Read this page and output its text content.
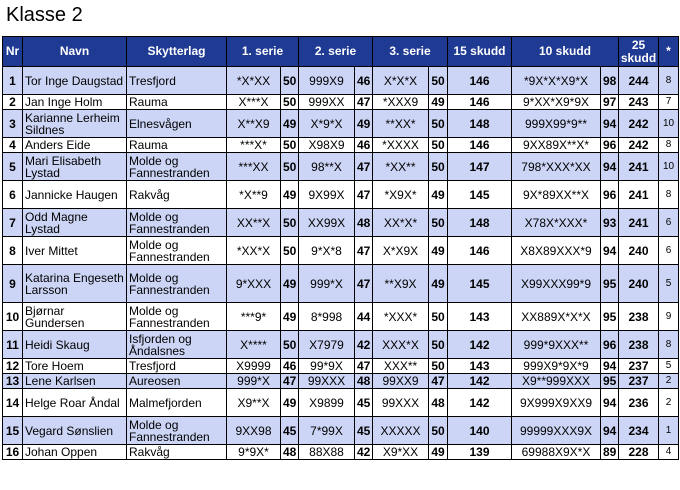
Klasse 2
Nr	Navn	Skytterlag	1. serie		2. serie		3. serie		15 skudd	10 skudd		25 skudd	*
1	Tor Inge Daugstad	Tresfjord	*X*XX	50	999X9	46	X*X*X	50	146	*9X*X*X9*X	98	244	8
2	Jan Inge Holm	Rauma	X***X	50	999XX	47	*XXX9	49	146	9*XX*X9*9X	97	243	7
3	Karianne Lerheim Sildnes	Elnesvågen	X**X9	49	X*9*X	49	**XX*	50	148	999X99*9**	94	242	10
4	Anders Eide	Rauma	***X*	50	X98X9	46	*XXXX	50	146	9XX89X**X*	96	242	8
5	Mari Elisabeth Lystad	Molde og Fannestranden	***XX	50	98**X	47	*XX**	50	147	798*XXX*XX	94	241	10
6	Jannicke Haugen	Rakvåg	*X**9	49	9X99X	47	*X9X*	49	145	9X*89XX**X	96	241	8
7	Odd Magne Lystad	Molde og Fannestranden	XX**X	50	XX99X	48	XX*X*	50	148	X78X*XXX*	93	241	6
8	Iver Mittet	Molde og Fannestranden	*XX*X	50	9*X*8	47	X*X9X	49	146	X8X89XXX*9	94	240	6
9	Katarina Engeseth Larsson	Molde og Fannestranden	9*XXX	49	999*X	47	**X9X	49	145	X99XXX99*9	95	240	5
10	Bjørnar Gundersen	Molde og Fannestranden	***9*	49	8*998	44	*XXX*	50	143	XX889X*X*X	95	238	9
11	Heidi Skaug	Isfjorden og Åndalsnes	X****	50	X7979	42	XXX*X	50	142	999*9XXX**	96	238	8
12	Tore Hoem	Tresfjord	X9999	46	99*9X	47	XXX**	50	143	999X9*9X*9	94	237	5
13	Lene Karlsen	Aureosen	999*X	47	99XXX	48	99XX9	47	142	X9**999XXX	95	237	2
14	Helge Roar Åndal	Malmefjorden	X9**X	49	X9899	45	99XXX	48	142	9X999X9XX9	94	236	2
15	Vegard Sønslien	Molde og Fannestranden	9XX98	45	7*99X	45	XXXXX	50	140	99999XXX9X	94	234	1
16	Johan Oppen	Rakvåg	9*9X*	48	88X88	42	X9*XX	49	139	69988X9X*X	89	228	4
